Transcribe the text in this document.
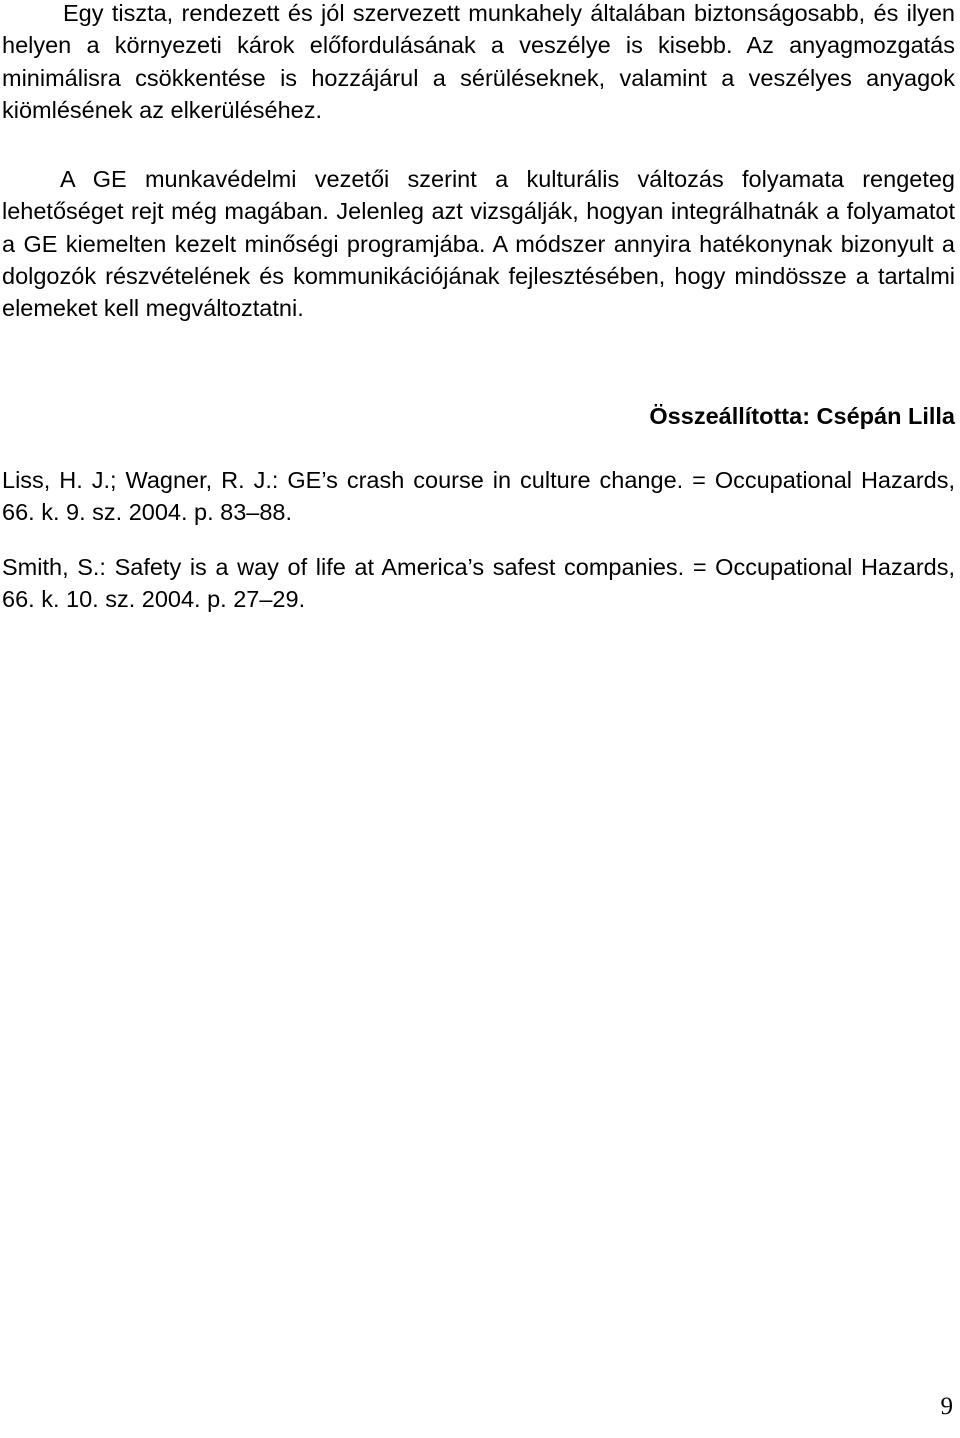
Egy tiszta, rendezett és jól szervezett munkahely általában biztonságosabb, és ilyen helyen a környezeti károk előfordulásának a veszélye is kisebb. Az anyagmozgatás minimálisra csökkentése is hozzájárul a sérüléseknek, valamint a veszélyes anyagok kiömlésének az elkerüléséhez.

A GE munkavédelmi vezetői szerint a kulturális változás folyamata rengeteg lehetőséget rejt még magában. Jelenleg azt vizsgálják, hogyan integrálhatnák a folyamatot a GE kiemelten kezelt minőségi programjába. A módszer annyira hatékonynak bizonyult a dolgozók részvételének és kommunikációjának fejlesztésében, hogy mindössze a tartalmi elemeket kell megváltoztatni.

Összeállította: Csépán Lilla

Liss, H. J.; Wagner, R. J.: GE’s crash course in culture change. = Occupational Hazards, 66. k. 9. sz. 2004. p. 83–88.

Smith, S.: Safety is a way of life at America’s safest companies. = Occupational Hazards, 66. k. 10. sz. 2004. p. 27–29.

9
